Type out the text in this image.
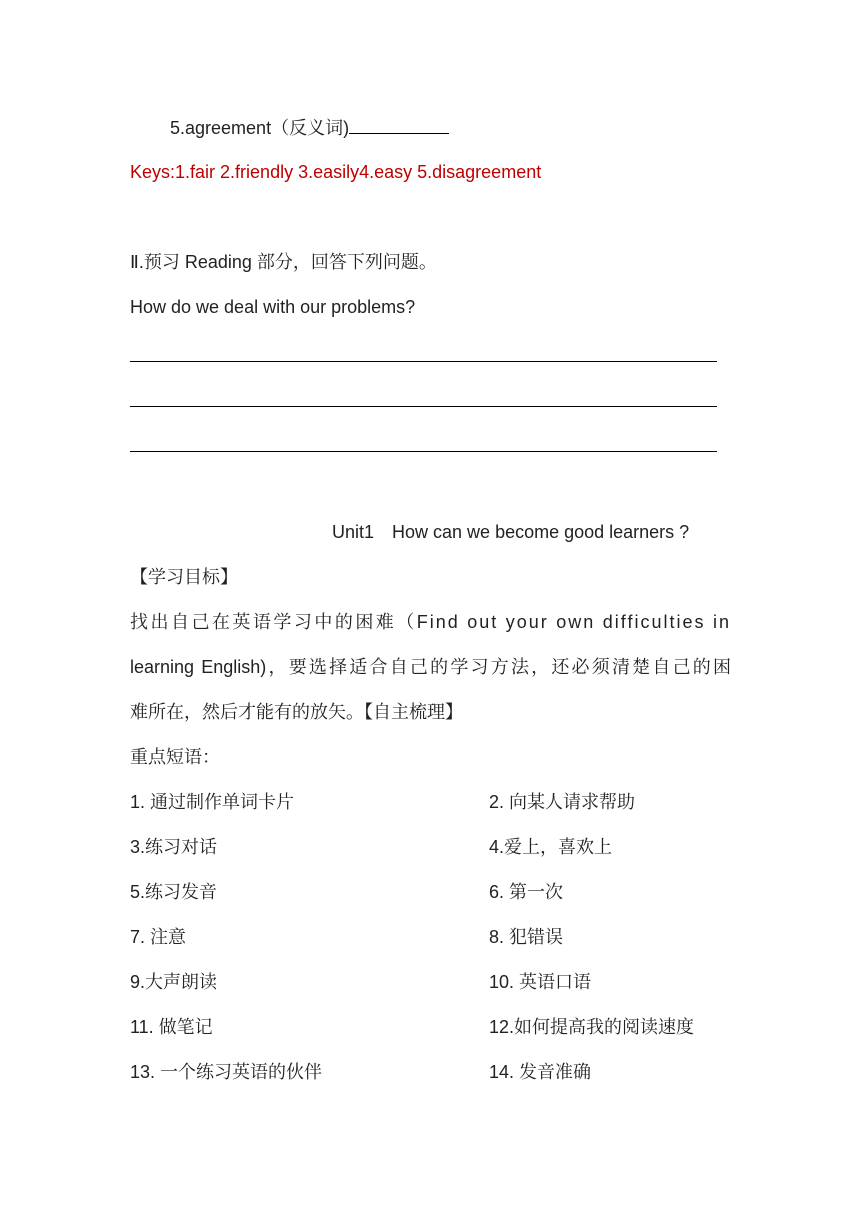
5.agreement（反义词)
Keys:1.fair 2.friendly 3.easily4.easy 5.disagreement
Ⅱ.预习 Reading 部分，回答下列问题。
How do we deal with our problems?
Unit1　How can we become good learners ?
【学习目标】
找出自己在英语学习中的困难（Find out your own difficulties in
learning English)，要选择适合自己的学习方法，还必须清楚自己的困
难所在，然后才能有的放矢。【自主梳理】
重点短语：
1. 通过制作单词卡片	2. 向某人请求帮助
3.练习对话	4.爱上，喜欢上
5.练习发音	6. 第一次
7. 注意	8. 犯错误
9.大声朗读	10. 英语口语
11. 做笔记	12.如何提高我的阅读速度
13. 一个练习英语的伙伴	14. 发音准确
